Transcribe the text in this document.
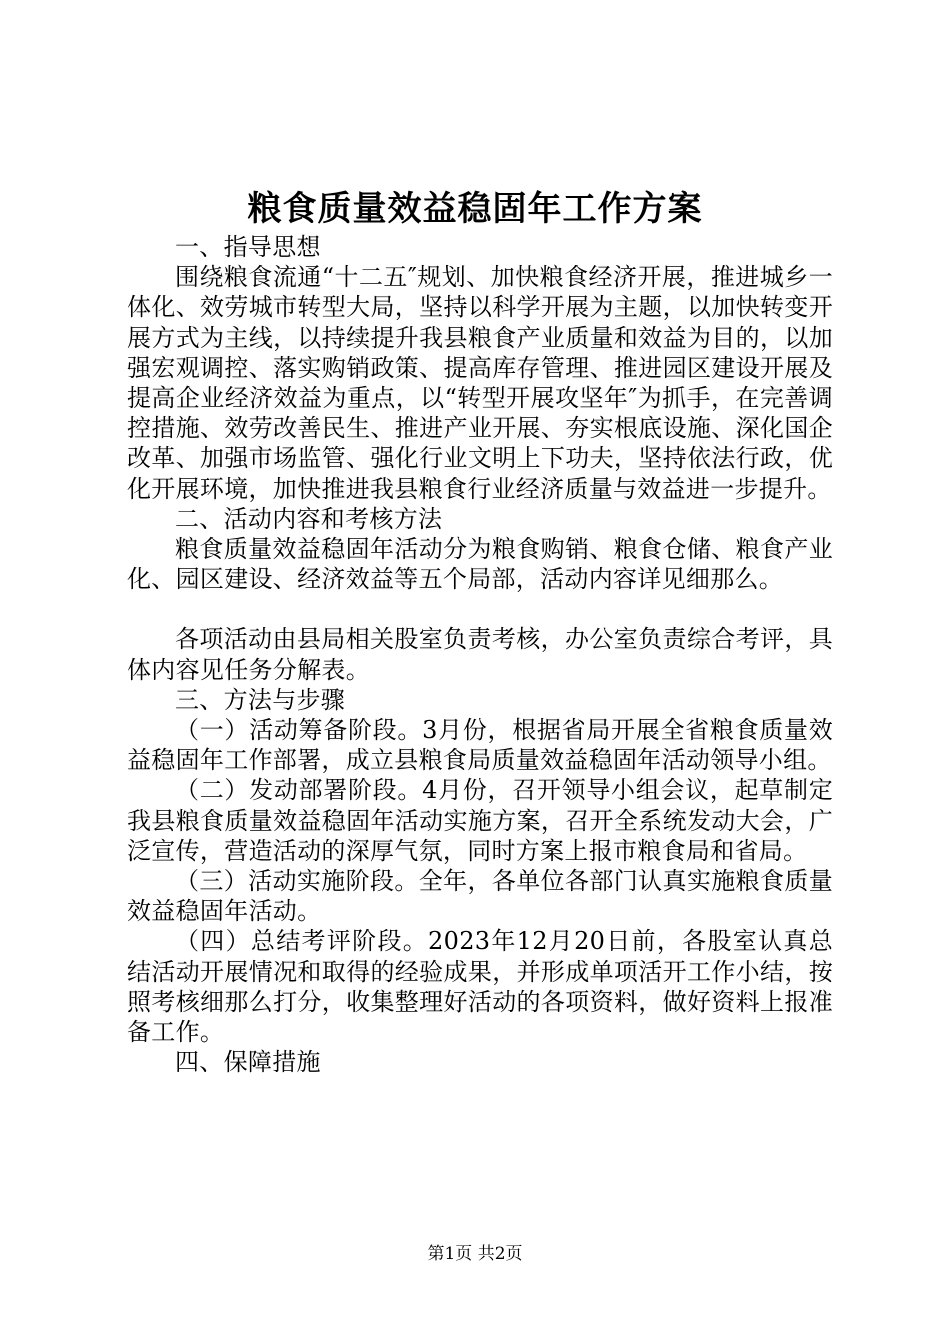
粮食质量效益稳固年工作方案

一、指导思想

围绕粮食流通“十二五″规划、加快粮食经济开展，推进城乡一体化、效劳城市转型大局，坚持以科学开展为主题，以加快转变开展方式为主线，以持续提升我县粮食产业质量和效益为目的，以加强宏观调控、落实购销政策、提高库存管理、推进园区建设开展及提高企业经济效益为重点，以“转型开展攻坚年″为抓手，在完善调控措施、效劳改善民生、推进产业开展、夯实根底设施、深化国企改革、加强市场监管、强化行业文明上下功夫，坚持依法行政，优化开展环境，加快推进我县粮食行业经济质量与效益进一步提升。

二、活动内容和考核方法

粮食质量效益稳固年活动分为粮食购销、粮食仓储、粮食产业化、园区建设、经济效益等五个局部，活动内容详见细那么。

各项活动由县局相关股室负责考核，办公室负责综合考评，具体内容见任务分解表。

三、方法与步骤

（一）活动筹备阶段。3月份，根据省局开展全省粮食质量效益稳固年工作部署，成立县粮食局质量效益稳固年活动领导小组。

（二）发动部署阶段。4月份，召开领导小组会议，起草制定我县粮食质量效益稳固年活动实施方案，召开全系统发动大会，广泛宣传，营造活动的深厚气氛，同时方案上报市粮食局和省局。

（三）活动实施阶段。全年，各单位各部门认真实施粮食质量效益稳固年活动。

（四）总结考评阶段。2023年12月20日前，各股室认真总结活动开展情况和取得的经验成果，并形成单项活开工作小结，按照考核细那么打分，收集整理好活动的各项资料，做好资料上报准备工作。

四、保障措施

第1页 共2页
